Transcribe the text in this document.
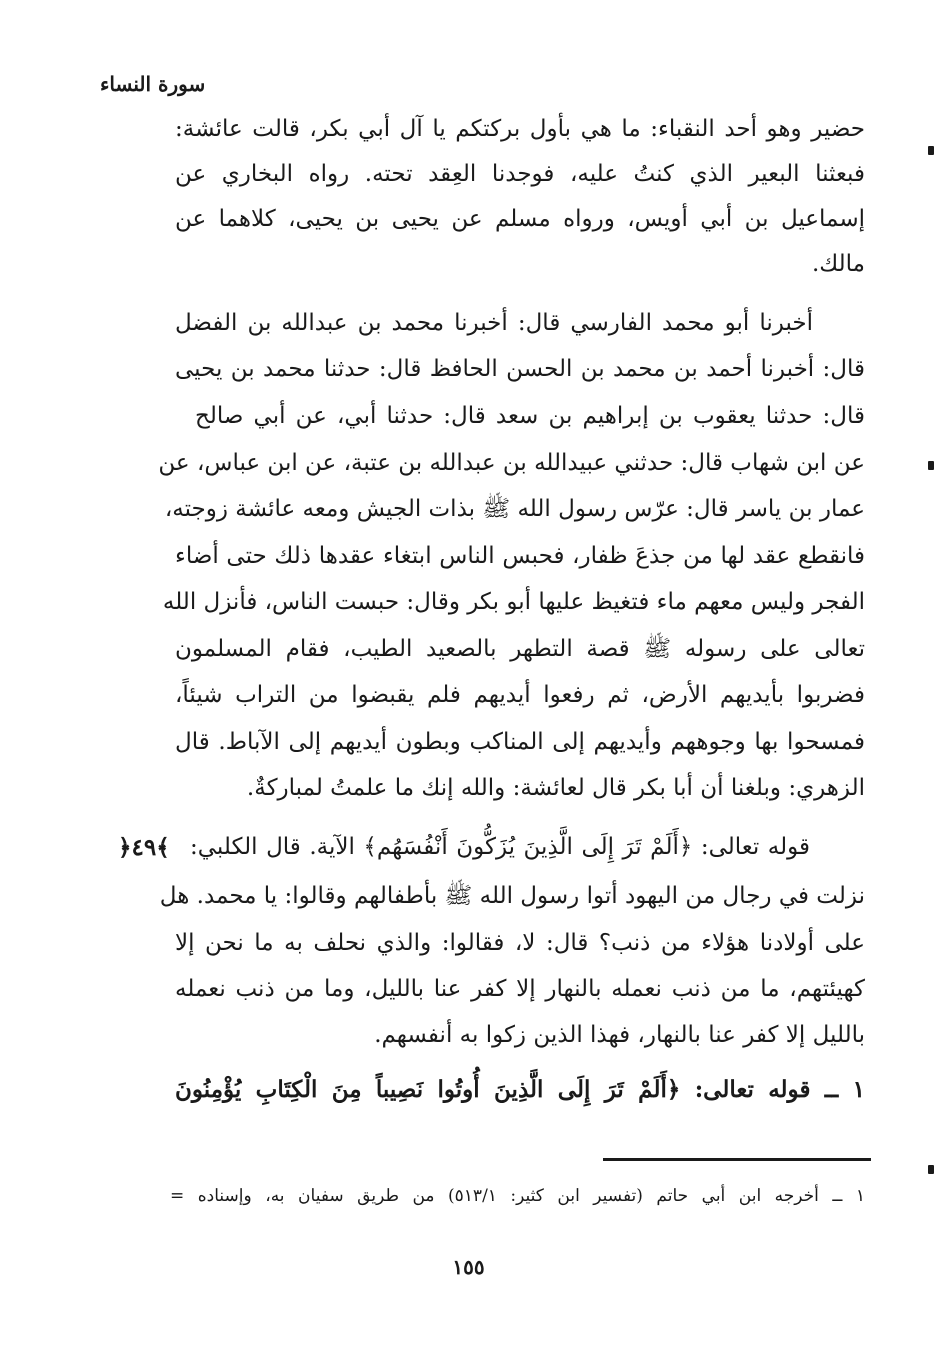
سورة النساء
حضير وهو أحد النقباء: ما هي بأول بركتكم يا آل أبي بكر، قالت عائشة:
فبعثنا البعير الذي كنتُ عليه، فوجدنا العِقد تحته. رواه البخاري عن
إسماعيل بن أبي أويس، ورواه مسلم عن يحيى بن يحيى، كلاهما عن
مالك.
أخبرنا أبو محمد الفارسي قال: أخبرنا محمد بن عبدالله بن الفضل
قال: أخبرنا أحمد بن محمد بن الحسن الحافظ قال: حدثنا محمد بن يحيى
قال: حدثنا يعقوب بن إبراهيم بن سعد قال: حدثنا أبي، عن أبي صالح
عن ابن شهاب قال: حدثني عبيدالله بن عبدالله بن عتبة، عن ابن عباس، عن
عمار بن ياسر قال: عرّس رسول الله ﷺ بذات الجيش ومعه عائشة زوجته،
فانقطع عقد لها من جذعَ ظفار، فحبس الناس ابتغاء عقدها ذلك حتى أضاء
الفجر وليس معهم ماء فتغيظ عليها أبو بكر وقال: حبست الناس، فأنزل الله
تعالى على رسوله ﷺ قصة التطهر بالصعيد الطيب، فقام المسلمون
فضربوا بأيديهم الأرض، ثم رفعوا أيديهم فلم يقبضوا من التراب شيئاً،
فمسحوا بها وجوههم وأيديهم إلى المناكب وبطون أيديهم إلى الآباط. قال
الزهري: وبلغنا أن أبا بكر قال لعائشة: والله إنك ما علمتُ لمباركةٌ.
﴿٤٩﴾ قوله تعالى: ﴿أَلَمْ تَرَ إِلَى الَّذِينَ يُزَكُّونَ أَنْفُسَهُم﴾ الآية. قال الكلبي:
نزلت في رجال من اليهود أتوا رسول الله ﷺ بأطفالهم وقالوا: يا محمد. هل
على أولادنا هؤلاء من ذنب؟ قال: لا، فقالوا: والذي نحلف به ما نحن إلا
كهيئتهم، ما من ذنب نعمله بالنهار إلا كفر عنا بالليل، وما من ذنب نعمله
بالليل إلا كفر عنا بالنهار، فهذا الذين زكوا به أنفسهم.
١ ــ قوله تعالى: ﴿أَلَمْ تَرَ إِلَى الَّذِينَ أُوتُوا نَصِيباً مِنَ الْكِتَابِ يُؤْمِنُونَ
١ ــ أخرجه ابن أبي حاتم (تفسير ابن كثير: ٥١٣/١) من طريق سفيان به، وإسناده =
١٥٥
